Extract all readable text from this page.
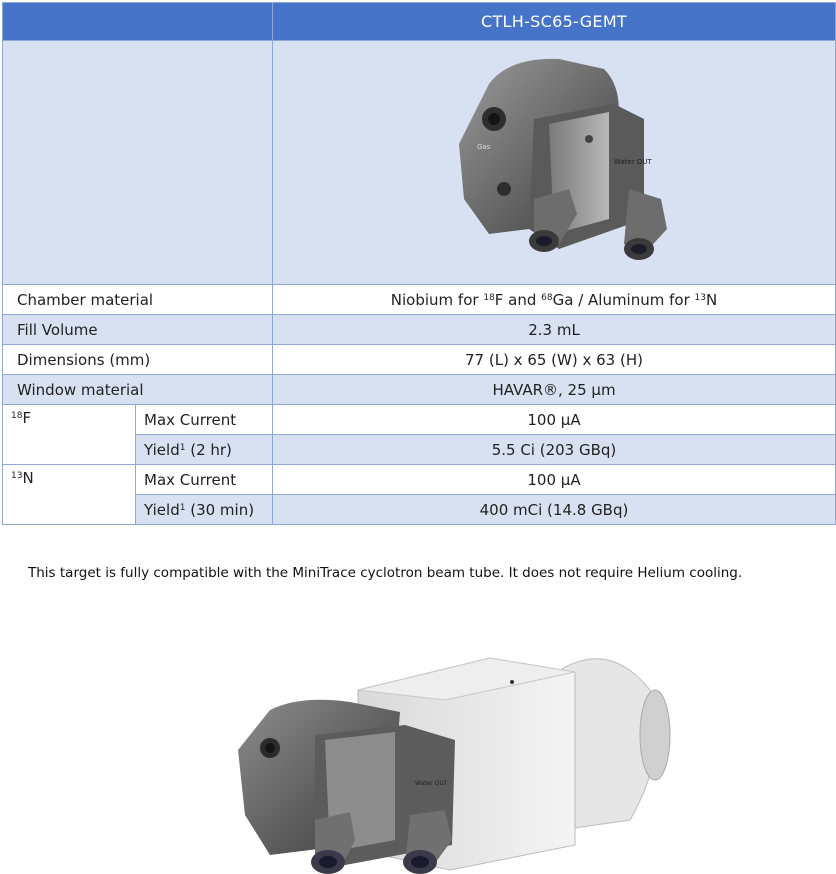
		CTLH-SC65-GEMT

Gas
Water OUT

Chamber material		Niobium for $^{18}$F and $^{68}$Ga / Aluminum for $^{13}$N
Fill Volume		2.3 mL
Dimensions (mm)		77 (L) x 65 (W) x 63 (H)
Window material		HAVAR®, 25 µm
$^{18}$F	Max Current	100 µA
	Yield$^1$ (2 hr)	5.5 Ci (203 GBq)
$^{13}$N	Max Current	100 µA
	Yield$^1$ (30 min)	400 mCi (14.8 GBq)
This target is fully compatible with the MiniTrace cyclotron beam tube. It does not require Helium cooling.
Water OUT
